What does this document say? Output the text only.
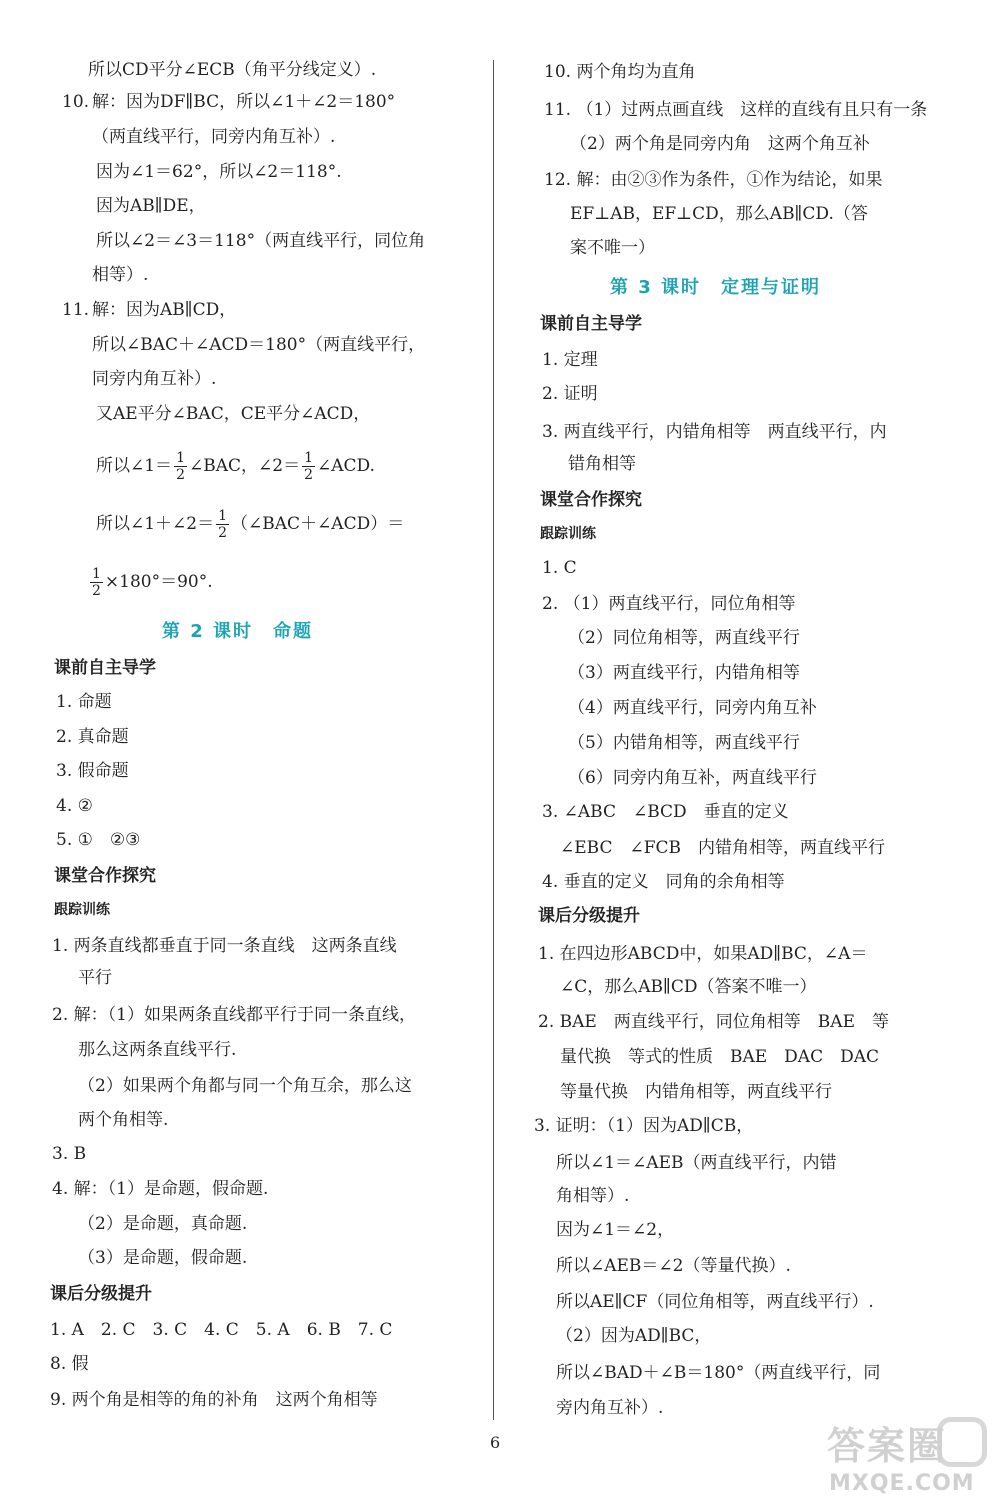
所以CD平分∠ECB（角平分线定义）.
10. 解：因为DF∥BC，所以∠1＋∠2＝180°
（两直线平行，同旁内角互补）.
因为∠1＝62°，所以∠2＝118°.
因为AB∥DE，
所以∠2＝∠3＝118°（两直线平行，同位角
相等）.
11. 解：因为AB∥CD，
所以∠BAC＋∠ACD＝180°（两直线平行，
同旁内角互补）.
又AE平分∠BAC，CE平分∠ACD，
所以∠1＝ $\frac{1}{2}$ ∠BAC，∠2＝ $\frac{1}{2}$ ∠ACD.
所以∠1＋∠2＝ $\frac{1}{2}$ （∠BAC＋∠ACD）＝
$\frac{1}{2} \times 180^\circ=90^\circ$.
第 2 课时　命题
课前自主导学
1. 命题
2. 真命题
3. 假命题
4. ②
5. ①　②③
课堂合作探究
跟踪训练
1. 两条直线都垂直于同一条直线　这两条直线
平行
2. 解：（1）如果两条直线都平行于同一条直线，
那么这两条直线平行.
（2）如果两个角都与同一个角互余，那么这
两个角相等.
3. B
4. 解：（1）是命题，假命题.
（2）是命题，真命题.
（3）是命题，假命题.
课后分级提升
1. A　2. C　3. C　4. C　5. A　6. B　7. C
8. 假
9. 两个角是相等的角的补角　这两个角相等
10. 两个角均为直角
11. （1）过两点画直线　这样的直线有且只有一条
（2）两个角是同旁内角　这两个角互补
12. 解：由②③作为条件，①作为结论，如果
EF⊥AB，EF⊥CD，那么AB∥CD.（答
案不唯一）
第 3 课时　定理与证明
课前自主导学
1. 定理
2. 证明
3. 两直线平行，内错角相等　两直线平行，内
错角相等
课堂合作探究
跟踪训练
1. C
2. （1）两直线平行，同位角相等
（2）同位角相等，两直线平行
（3）两直线平行，内错角相等
（4）两直线平行，同旁内角互补
（5）内错角相等，两直线平行
（6）同旁内角互补，两直线平行
3. ∠ABC　∠BCD　垂直的定义
∠EBC　∠FCB　内错角相等，两直线平行
4. 垂直的定义　同角的余角相等
课后分级提升
1. 在四边形ABCD中，如果AD∥BC，∠A＝
∠C，那么AB∥CD（答案不唯一）
2. BAE　两直线平行，同位角相等　BAE　等
量代换　等式的性质　BAE　DAC　DAC
等量代换　内错角相等，两直线平行
3. 证明：（1）因为AD∥CB，
所以∠1＝∠AEB（两直线平行，内错
角相等）.
因为∠1＝∠2，
所以∠AEB＝∠2（等量代换）.
所以AE∥CF（同位角相等，两直线平行）.
（2）因为AD∥BC，
所以∠BAD＋∠B＝180°（两直线平行，同
旁内角互补）.
6	答案圈
MXQE.COM
